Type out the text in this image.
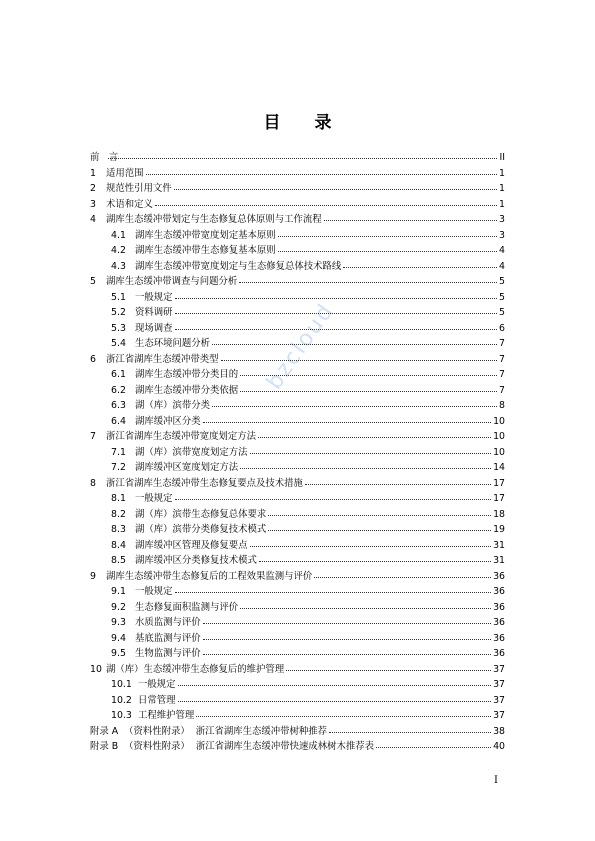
目 录
bzcloud
前　言	II
1	适用范围	1
2	规范性引用文件	1
3	术语和定义	1
4	湖库生态缓冲带划定与生态修复总体原则与工作流程	3
4.1 湖库生态缓冲带宽度划定基本原则	3
4.2 湖库生态缓冲带生态修复基本原则	4
4.3 湖库生态缓冲带宽度划定与生态修复总体技术路线	4
5	湖库生态缓冲带调查与问题分析	5
5.1 一般规定	5
5.2 资料调研	5
5.3 现场调查	6
5.4 生态环境问题分析	7
6	浙江省湖库生态缓冲带类型	7
6.1 湖库生态缓冲带分类目的	7
6.2 湖库生态缓冲带分类依据	7
6.3 湖（库）滨带分类	8
6.4 湖库缓冲区分类	10
7	浙江省湖库生态缓冲带宽度划定方法	10
7.1 湖（库）滨带宽度划定方法	10
7.2 湖库缓冲区宽度划定方法	14
8	浙江省湖库生态缓冲带生态修复要点及技术措施	17
8.1 一般规定	17
8.2 湖（库）滨带生态修复总体要求	18
8.3 湖（库）滨带分类修复技术模式	19
8.4 湖库缓冲区管理及修复要点	31
8.5 湖库缓冲区分类修复技术模式	31
9	湖库生态缓冲带生态修复后的工程效果监测与评价	36
9.1 一般规定	36
9.2 生态修复面积监测与评价	36
9.3 水质监测与评价	36
9.4 基底监测与评价	36
9.5 生物监测与评价	36
10 湖（库）生态缓冲带生态修复后的维护管理	37
10.1 一般规定	37
10.2 日常管理	37
10.3 工程维护管理	37
附录 A （资料性附录） 浙江省湖库生态缓冲带树种推荐	38
附录 B （资料性附录） 浙江省湖库生态缓冲带快速成林树木推荐表	40
I
